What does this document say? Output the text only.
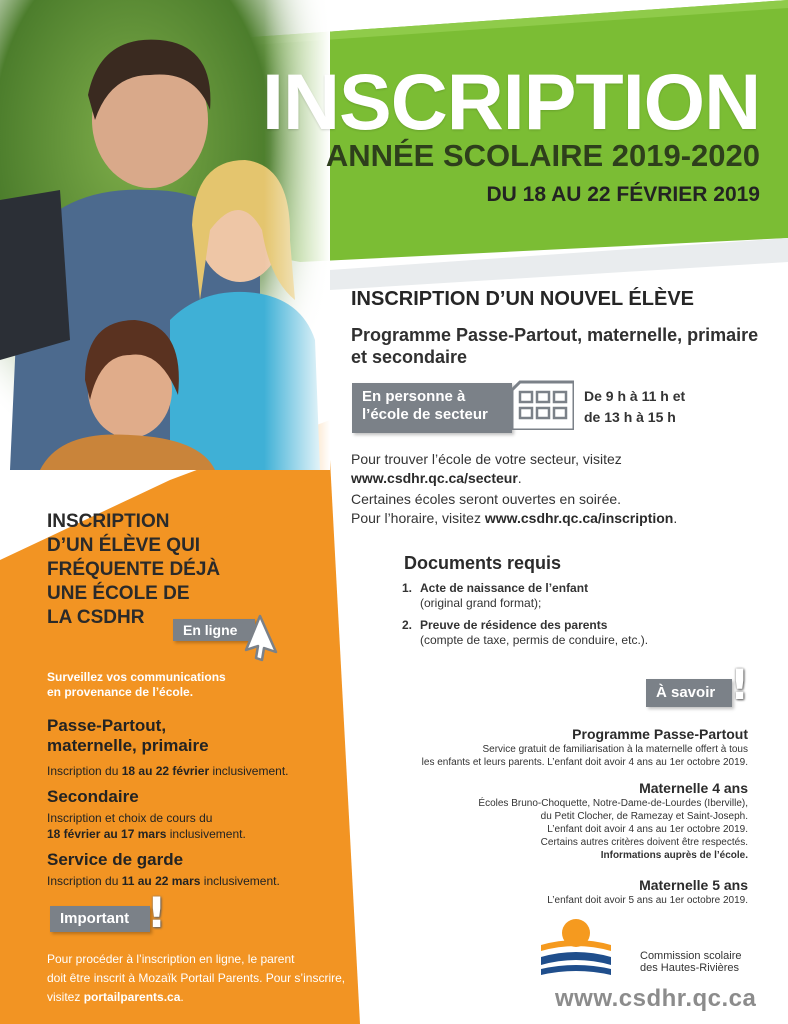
INSCRIPTION
ANNÉE SCOLAIRE 2019-2020
DU 18 AU 22 FÉVRIER 2019
INSCRIPTION D’UN NOUVEL ÉLÈVE
Programme Passe-Partout, maternelle, primaire et secondaire
En personne à
l’école de secteur
De 9 h à 11 h et
de 13 h à 15 h
Pour trouver l’école de votre secteur, visitez
www.csdhr.qc.ca/secteur.
Certaines écoles seront ouvertes en soirée.
Pour l’horaire, visitez www.csdhr.qc.ca/inscription.
Documents requis
1. Acte de naissance de l’enfant
(original grand format);
2. Preuve de résidence des parents
(compte de taxe, permis de conduire, etc.).
À savoir !
Programme Passe-Partout
Service gratuit de familiarisation à la maternelle offert à tous
les enfants et leurs parents. L’enfant doit avoir 4 ans au 1er octobre 2019.
Maternelle 4 ans
Écoles Bruno-Choquette, Notre-Dame-de-Lourdes (Iberville),
du Petit Clocher, de Ramezay et Saint-Joseph.
L’enfant doit avoir 4 ans au 1er octobre 2019.
Certains autres critères doivent être respectés.
Informations auprès de l’école.
Maternelle 5 ans
L’enfant doit avoir 5 ans au 1er octobre 2019.
Commission scolaire
des Hautes-Rivières
www.csdhr.qc.ca
INSCRIPTION
D’UN ÉLÈVE QUI
FRÉQUENTE DÉJÀ
UNE ÉCOLE DE
LA CSDHR
En ligne
Surveillez vos communications
en provenance de l’école.
Passe-Partout,
maternelle, primaire
Inscription du 18 au 22 février inclusivement.
Secondaire
Inscription et choix de cours du
18 février au 17 mars inclusivement.
Service de garde
Inscription du 11 au 22 mars inclusivement.
Important !
Pour procéder à l’inscription en ligne, le parent
doit être inscrit à Mozaïk Portail Parents. Pour s’inscrire,
visitez portailparents.ca.
